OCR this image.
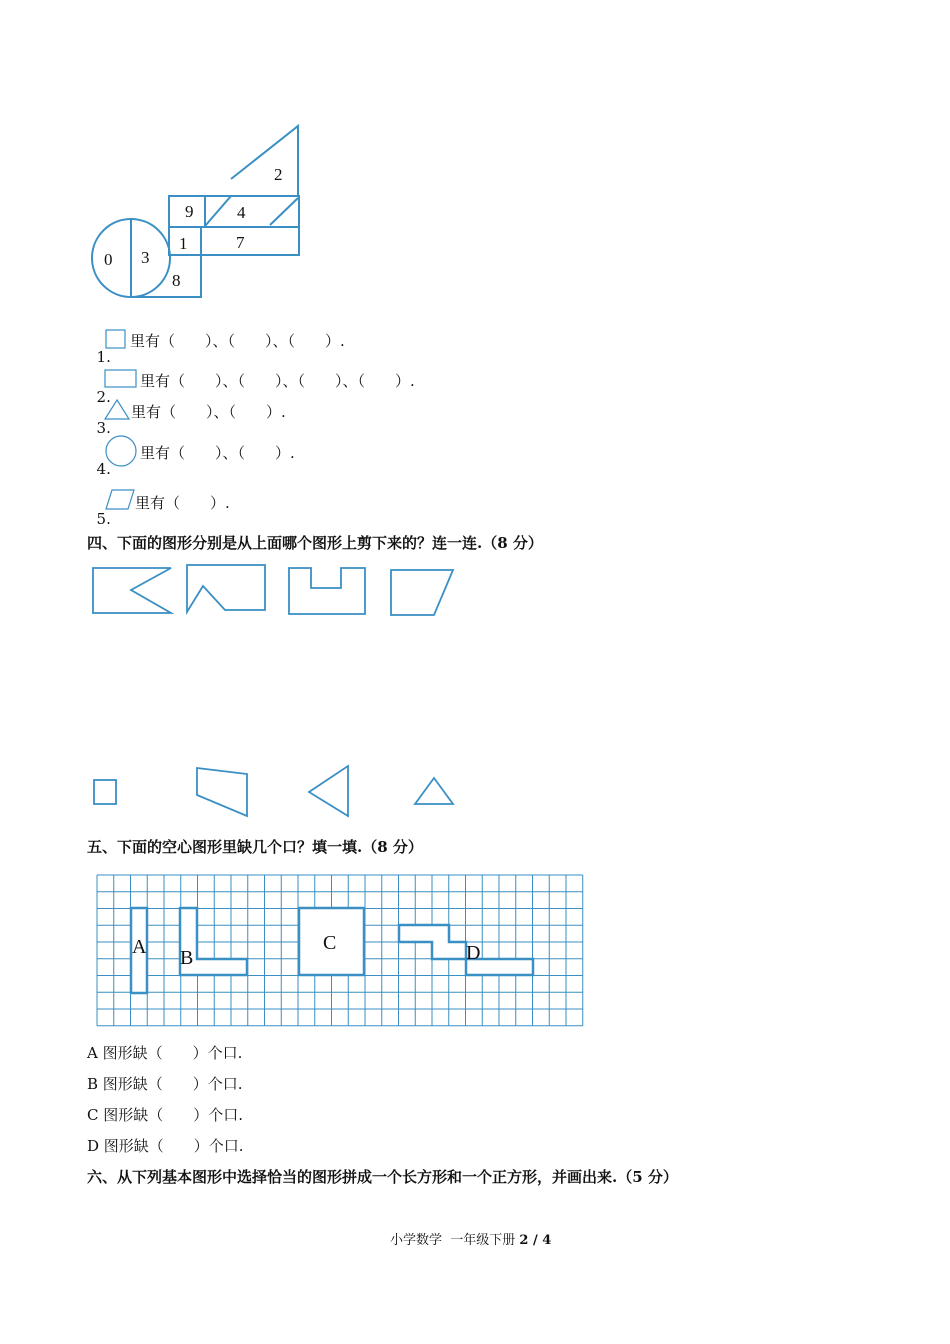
2
9	4
1	7
0 3
8

1.

里有（　　）、（　　）、（　　）.

2.

里有（　　）、（　　）、（　　）、（　　）.

3.

里有（　　）、（　　）.

4.

里有（　　）、（　　）.

5.

里有（　　）.
四、下面的图形分别是从上面哪个图形上剪下来的？连一连.（8 分）
五、下面的空心图形里缺几个口？填一填.（8 分）
A B
C	D
A 图形缺（　　）个口.
B 图形缺（　　）个口.
C 图形缺（　　）个口.
D 图形缺（　　）个口.
六、从下列基本图形中选择恰当的图形拼成一个长方形和一个正方形，并画出来.（5 分）
小学数学  一年级下册 2 / 4
